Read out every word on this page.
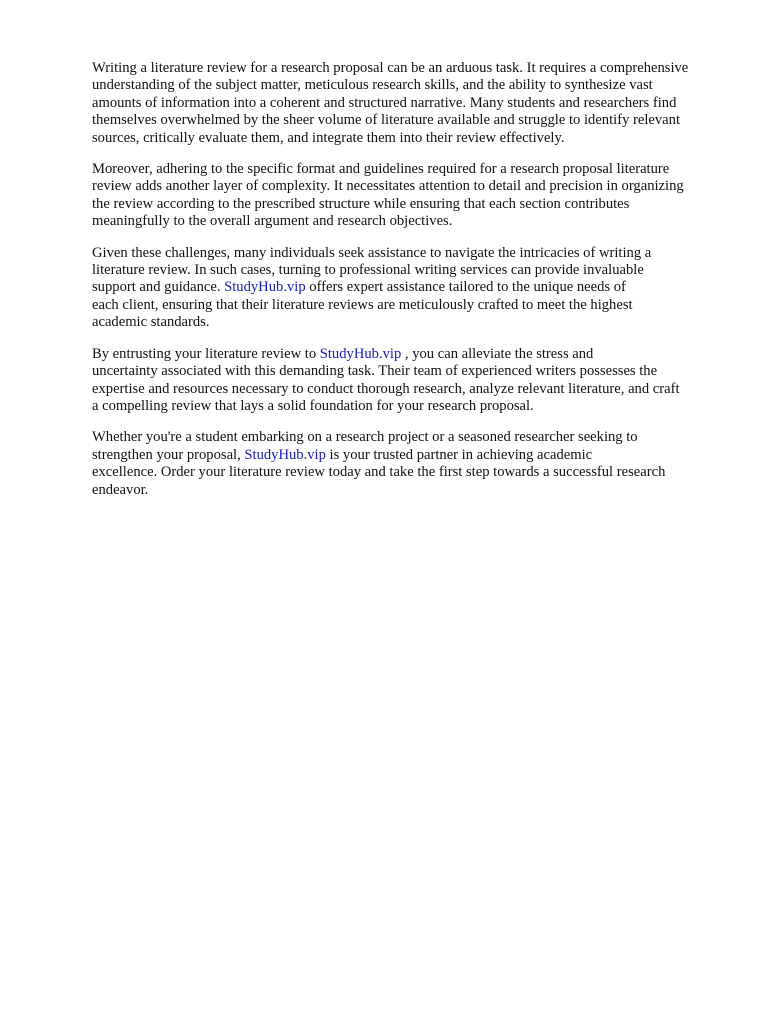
Writing a literature review for a research proposal can be an arduous task. It requires a comprehensive
understanding of the subject matter, meticulous research skills, and the ability to synthesize vast
amounts of information into a coherent and structured narrative. Many students and researchers find
themselves overwhelmed by the sheer volume of literature available and struggle to identify relevant
sources, critically evaluate them, and integrate them into their review effectively.

Moreover, adhering to the specific format and guidelines required for a research proposal literature
review adds another layer of complexity. It necessitates attention to detail and precision in organizing
the review according to the prescribed structure while ensuring that each section contributes
meaningfully to the overall argument and research objectives.

Given these challenges, many individuals seek assistance to navigate the intricacies of writing a
literature review. In such cases, turning to professional writing services can provide invaluable
support and guidance. StudyHub.vip offers expert assistance tailored to the unique needs of
each client, ensuring that their literature reviews are meticulously crafted to meet the highest
academic standards.

By entrusting your literature review to StudyHub.vip , you can alleviate the stress and
uncertainty associated with this demanding task. Their team of experienced writers possesses the
expertise and resources necessary to conduct thorough research, analyze relevant literature, and craft
a compelling review that lays a solid foundation for your research proposal.

Whether you're a student embarking on a research project or a seasoned researcher seeking to
strengthen your proposal, StudyHub.vip is your trusted partner in achieving academic
excellence. Order your literature review today and take the first step towards a successful research
endeavor.
